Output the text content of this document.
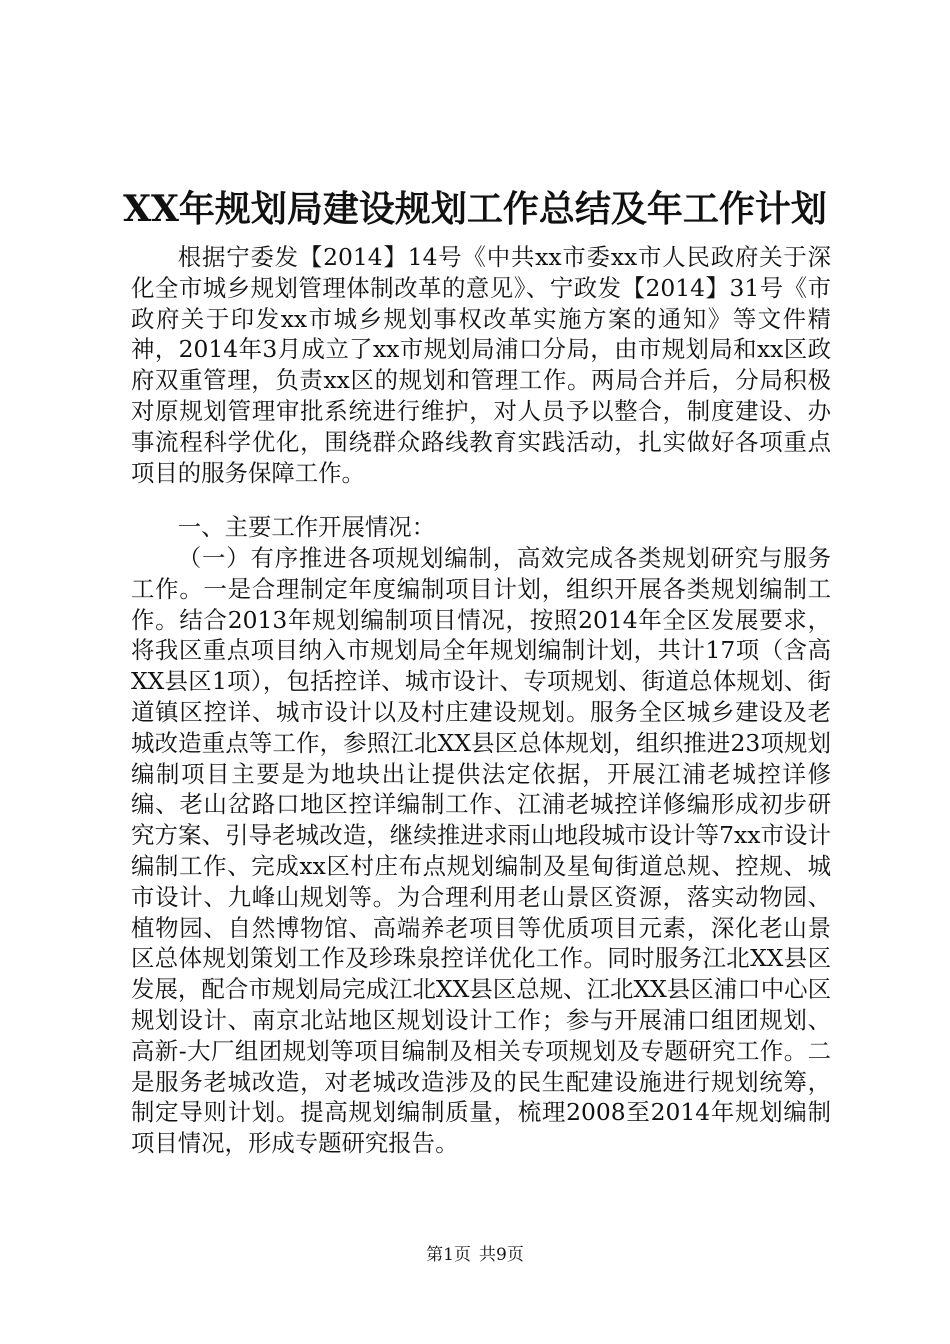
XX年规划局建设规划工作总结及年工作计划

根据宁委发【2014】14号《中共xx市委xx市人民政府关于深化全市城乡规划管理体制改革的意见》、宁政发【2014】31号《市政府关于印发xx市城乡规划事权改革实施方案的通知》等文件精神，2014年3月成立了xx市规划局浦口分局，由市规划局和xx区政府双重管理，负责xx区的规划和管理工作。两局合并后，分局积极对原规划管理审批系统进行维护，对人员予以整合，制度建设、办事流程科学优化，围绕群众路线教育实践活动，扎实做好各项重点项目的服务保障工作。

一、主要工作开展情况：

（一）有序推进各项规划编制，高效完成各类规划研究与服务工作。一是合理制定年度编制项目计划，组织开展各类规划编制工作。结合2013年规划编制项目情况，按照2014年全区发展要求，将我区重点项目纳入市规划局全年规划编制计划，共计17项（含高XX县区1项），包括控详、城市设计、专项规划、街道总体规划、街道镇区控详、城市设计以及村庄建设规划。服务全区城乡建设及老城改造重点等工作，参照江北XX县区总体规划，组织推进23项规划编制项目主要是为地块出让提供法定依据，开展江浦老城控详修编、老山岔路口地区控详编制工作、江浦老城控详修编形成初步研究方案、引导老城改造，继续推进求雨山地段城市设计等7xx市设计编制工作、完成xx区村庄布点规划编制及星甸街道总规、控规、城市设计、九峰山规划等。为合理利用老山景区资源，落实动物园、植物园、自然博物馆、高端养老项目等优质项目元素，深化老山景区总体规划策划工作及珍珠泉控详优化工作。同时服务江北XX县区发展，配合市规划局完成江北XX县区总规、江北XX县区浦口中心区规划设计、南京北站地区规划设计工作；参与开展浦口组团规划、高新-大厂组团规划等项目编制及相关专项规划及专题研究工作。二是服务老城改造，对老城改造涉及的民生配建设施进行规划统筹，制定导则计划。提高规划编制质量，梳理2008至2014年规划编制项目情况，形成专题研究报告。

第1页 共9页
